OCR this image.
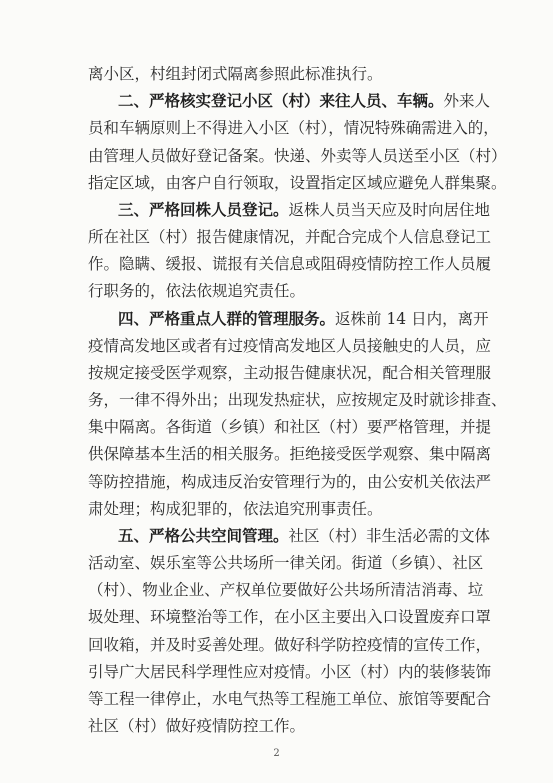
离小区，村组封闭式隔离参照此标准执行。
二、严格核实登记小区（村）来往人员、车辆。外来人
员和车辆原则上不得进入小区（村），情况特殊确需进入的，
由管理人员做好登记备案。快递、外卖等人员送至小区（村）
指定区域，由客户自行领取，设置指定区域应避免人群集聚。
三、严格回株人员登记。返株人员当天应及时向居住地
所在社区（村）报告健康情况，并配合完成个人信息登记工
作。隐瞒、缓报、谎报有关信息或阻碍疫情防控工作人员履
行职务的，依法依规追究责任。
四、严格重点人群的管理服务。返株前 14 日内，离开
疫情高发地区或者有过疫情高发地区人员接触史的人员，应
按规定接受医学观察，主动报告健康状况，配合相关管理服
务，一律不得外出；出现发热症状，应按规定及时就诊排查、
集中隔离。各街道（乡镇）和社区（村）要严格管理，并提
供保障基本生活的相关服务。拒绝接受医学观察、集中隔离
等防控措施，构成违反治安管理行为的，由公安机关依法严
肃处理；构成犯罪的，依法追究刑事责任。
五、严格公共空间管理。社区（村）非生活必需的文体
活动室、娱乐室等公共场所一律关闭。街道（乡镇）、社区
（村）、物业企业、产权单位要做好公共场所清洁消毒、垃
圾处理、环境整治等工作，在小区主要出入口设置废弃口罩
回收箱，并及时妥善处理。做好科学防控疫情的宣传工作，
引导广大居民科学理性应对疫情。小区（村）内的装修装饰
等工程一律停止，水电气热等工程施工单位、旅馆等要配合
社区（村）做好疫情防控工作。
2
